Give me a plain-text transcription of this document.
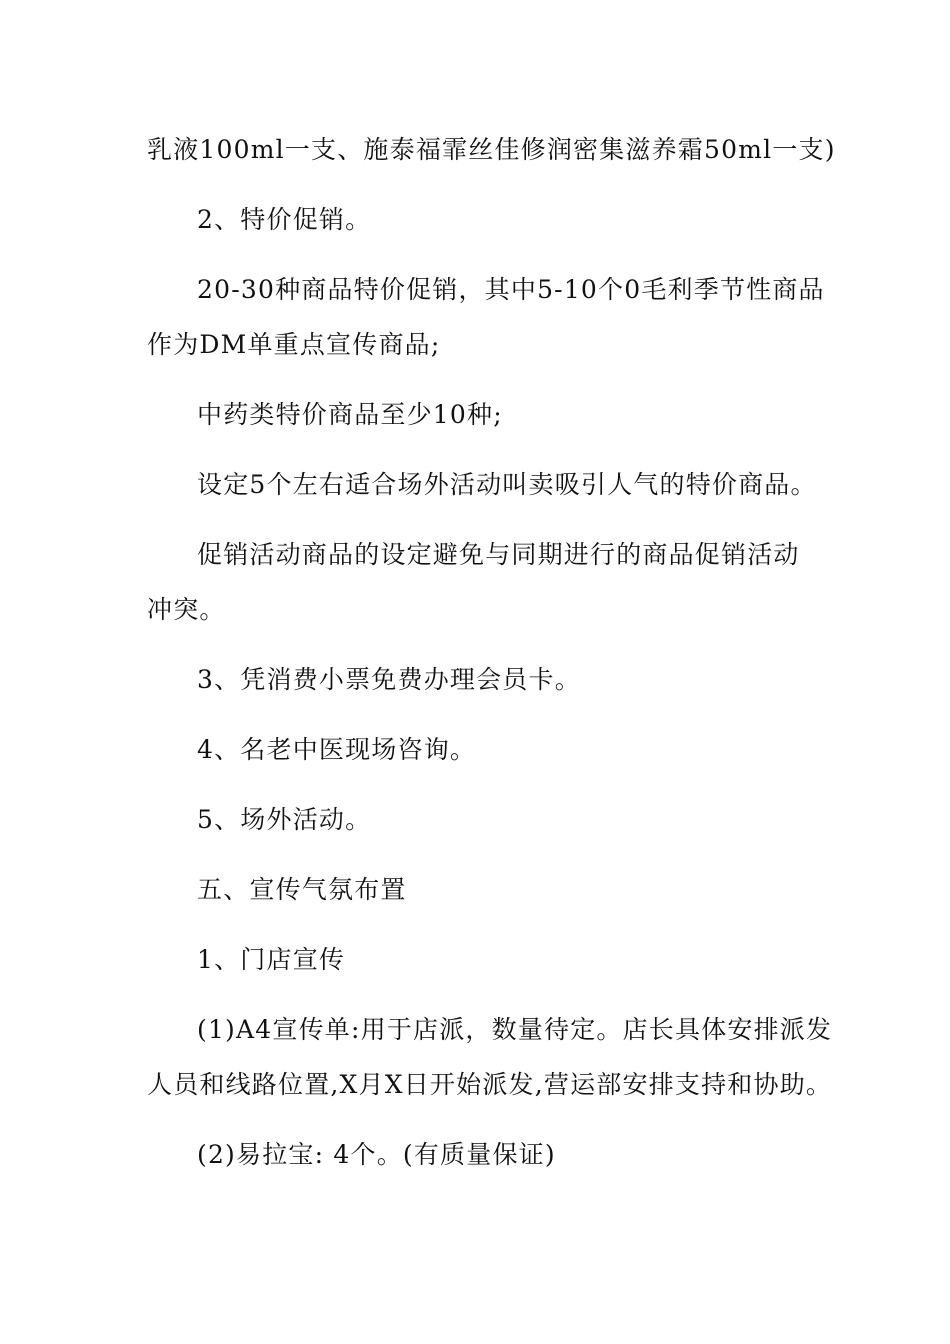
乳液100ml一支、施泰福霏丝佳修润密集滋养霜50ml一支)
2、特价促销。
20-30种商品特价促销，其中5-10个0毛利季节性商品
作为DM单重点宣传商品;
中药类特价商品至少10种;
设定5个左右适合场外活动叫卖吸引人气的特价商品。
促销活动商品的设定避免与同期进行的商品促销活动
冲突。
3、凭消费小票免费办理会员卡。
4、名老中医现场咨询。
5、场外活动。
五、宣传气氛布置
1、门店宣传
(1)A4宣传单:用于店派，数量待定。店长具体安排派发
人员和线路位置,X月X日开始派发,营运部安排支持和协助。
(2)易拉宝: 4个。(有质量保证)
